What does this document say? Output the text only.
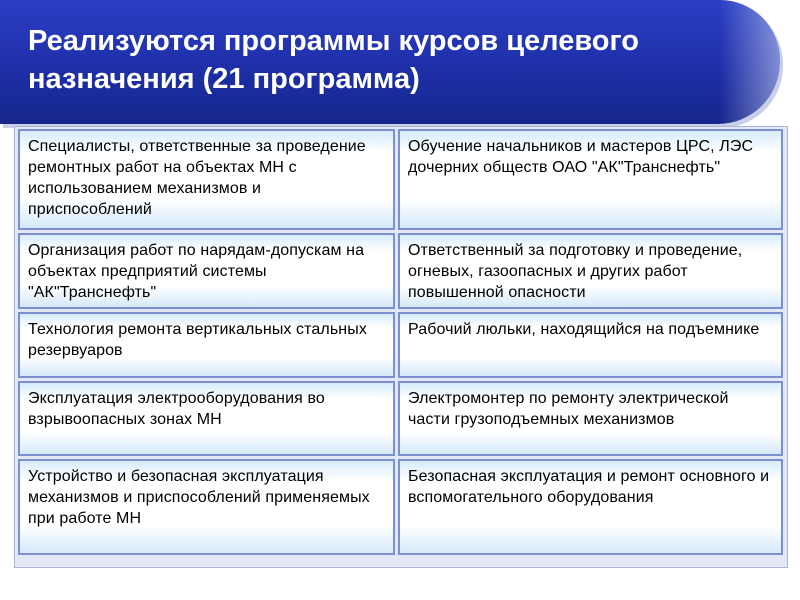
Реализуются программы курсов целевого назначения (21 программа)
Специалисты, ответственные за проведение ремонтных работ на объектах МН с использованием механизмов и приспособлений
Обучение начальников и мастеров ЦРС, ЛЭС дочерних обществ ОАО "АК"Транснефть"
Организация работ по нарядам-допускам на объектах предприятий системы "АК"Транснефть"
Ответственный за подготовку и проведение, огневых, газоопасных и других работ повышенной опасности
Технология ремонта вертикальных стальных резервуаров
Рабочий люльки, находящийся на подъемнике
Эксплуатация электрооборудования во взрывоопасных зонах МН
Электромонтер по ремонту электрической части грузоподъемных механизмов
Устройство и безопасная эксплуатация механизмов и приспособлений применяемых при работе МН
Безопасная эксплуатация и ремонт основного и вспомогательного оборудования
